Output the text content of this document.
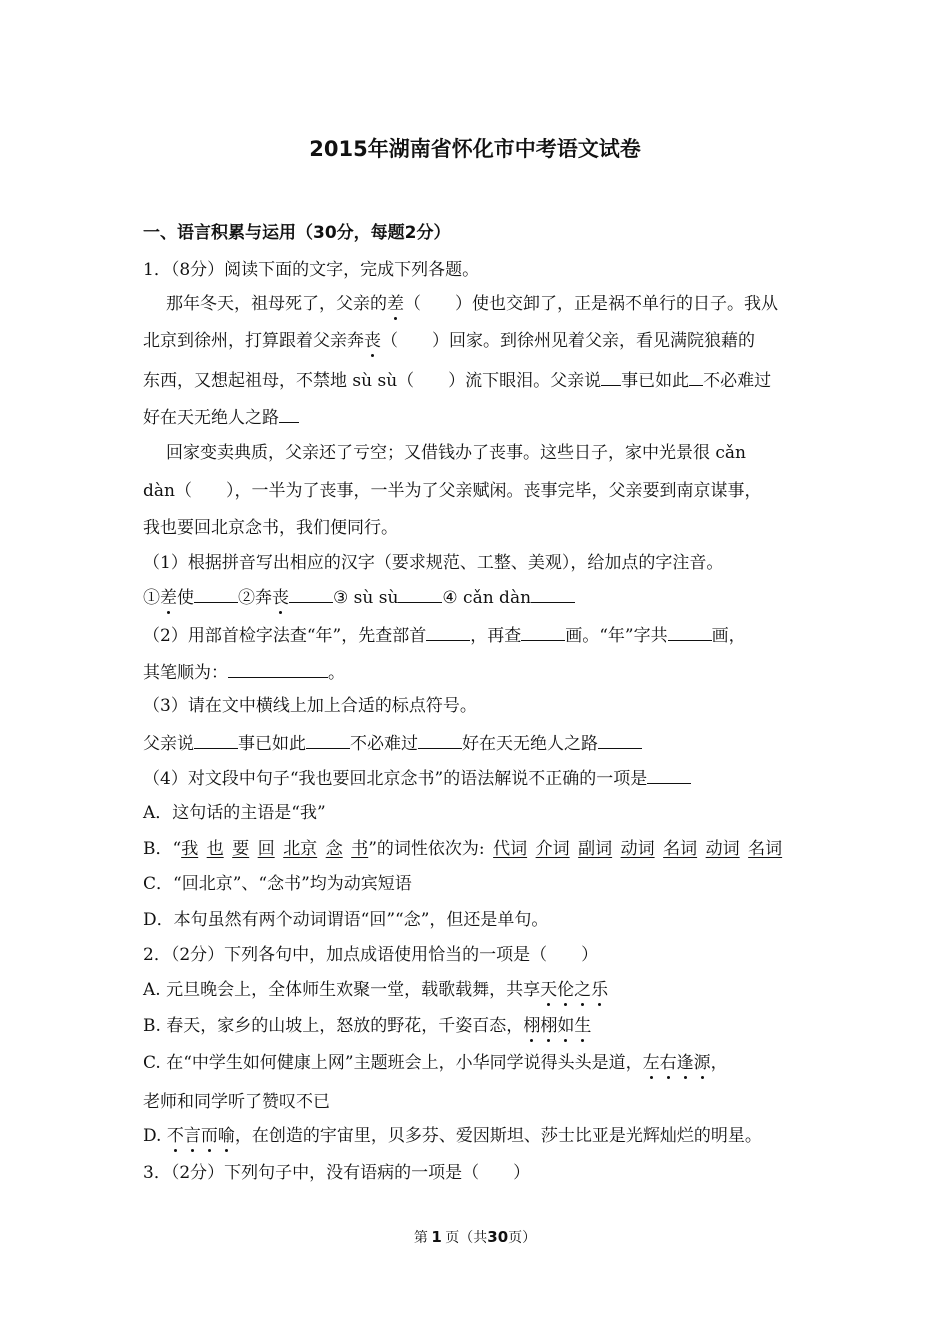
2015年湖南省怀化市中考语文试卷
一、语言积累与运用（30分，每题2分）
1．（8分）阅读下面的文字，完成下列各题。
那年冬天，祖母死了，父亲的差（　　）使也交卸了，正是祸不单行的日子。我从
北京到徐州，打算跟着父亲奔丧（　　）回家。到徐州见着父亲，看见满院狼藉的
东西，又想起祖母，不禁地 sù sù（　　）流下眼泪。父亲说 事已如此 不必难过
好在天无绝人之路
回家变卖典质，父亲还了亏空；又借钱办了丧事。这些日子，家中光景很 cǎn
dàn（　　），一半为了丧事，一半为了父亲赋闲。丧事完毕，父亲要到南京谋事，
我也要回北京念书，我们便同行。
（1）根据拼音写出相应的汉字（要求规范、工整、美观），给加点的字注音。
①差使	②奔丧	③ sù sù	④ cǎn dàn
（2）用部首检字法查“年”，先查部首	，再查	画。“年”字共	画，
其笔顺为：	。
（3）请在文中横线上加上合适的标点符号。
父亲说	事已如此	不必难过	好在天无绝人之路
（4）对文段中句子“我也要回北京念书”的语法解说不正确的一项是
A．这句话的主语是“我”
B．“我  也  要  回  北京  念  书”的词性依次为:  代词  介词  副词  动词  名词  动词  名词
C．“回北京”、“念书”均为动宾短语
D．本句虽然有两个动词谓语“回”“念”，但还是单句。
2．（2分）下列各句中，加点成语使用恰当的一项是（　　）
A. 元旦晚会上，全体师生欢聚一堂，载歌载舞，共享天伦之乐
B. 春天，家乡的山坡上，怒放的野花，千姿百态，栩栩如生
C. 在“中学生如何健康上网”主题班会上，小华同学说得头头是道，左右逢源，
老师和同学听了赞叹不已
D. 不言而喻，在创造的宇宙里，贝多芬、爱因斯坦、莎士比亚是光辉灿烂的明星。
3．（2分）下列句子中，没有语病的一项是（　　）
第  1  页（共30页）
